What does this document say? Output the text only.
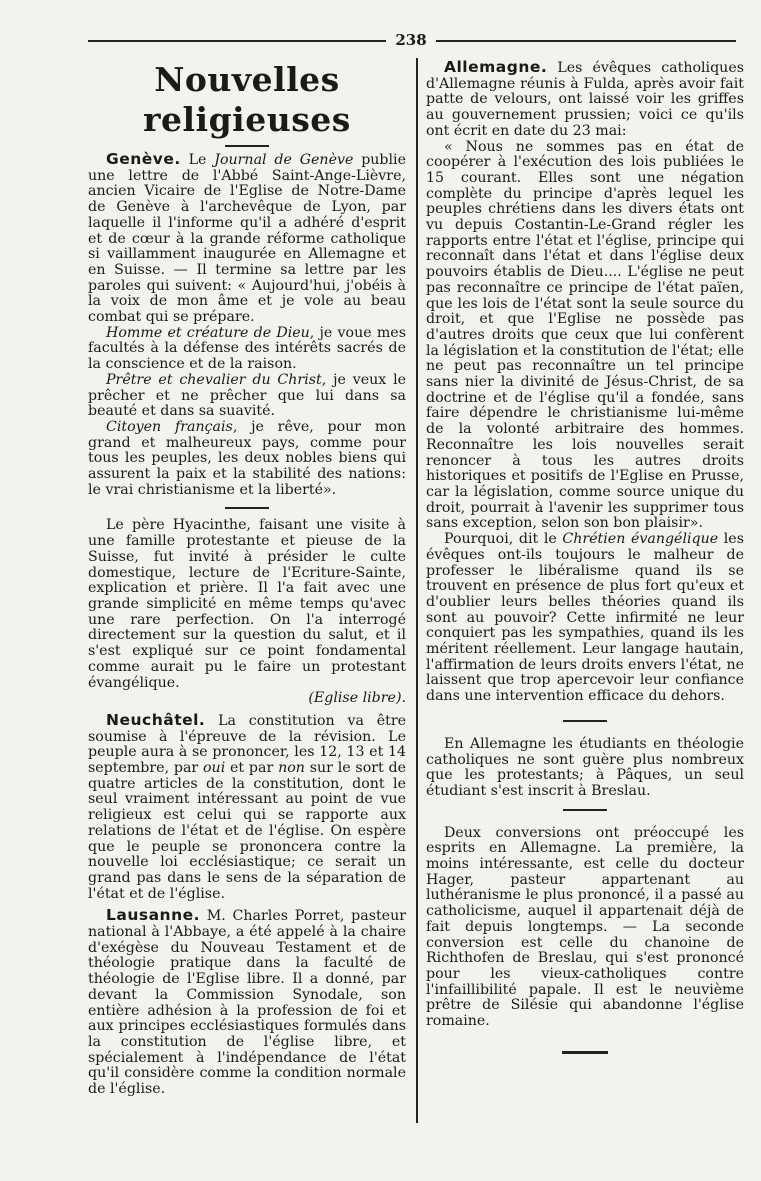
238
Nouvelles religieuses

Genève. Le Journal de Genève publie une lettre de l'Abbé Saint-Ange-Lièvre, ancien Vicaire de l'Eglise de Notre-Dame de Genève à l'archevêque de Lyon, par laquelle il l'informe qu'il a adhéré d'esprit et de cœur à la grande réforme catholique si vaillamment inaugurée en Allemagne et en Suisse. — Il termine sa lettre par les paroles qui suivent: « Aujourd'hui, j'obéis à la voix de mon âme et je vole au beau combat qui se prépare.

Homme et créature de Dieu, je voue mes facultés à la défense des intérêts sacrés de la conscience et de la raison.

Prêtre et chevalier du Christ, je veux le prêcher et ne prêcher que lui dans sa beauté et dans sa suavité.

Citoyen français, je rêve, pour mon grand et malheureux pays, comme pour tous les peuples, les deux nobles biens qui assurent la paix et la stabilité des nations: le vrai christianisme et la liberté».

Le père Hyacinthe, faisant une visite à une famille protestante et pieuse de la Suisse, fut invité à présider le culte domestique, lecture de l'Ecriture-Sainte, explication et prière. Il l'a fait avec une grande simplicité en même temps qu'avec une rare perfection. On l'a interrogé directement sur la question du salut, et il s'est expliqué sur ce point fondamental comme aurait pu le faire un protestant évangélique.

(Eglise libre).

Neuchâtel. La constitution va être soumise à l'épreuve de la révision. Le peuple aura à se prononcer, les 12, 13 et 14 septembre, par oui et par non sur le sort de quatre articles de la constitution, dont le seul vraiment intéressant au point de vue religieux est celui qui se rapporte aux relations de l'état et de l'église. On espère que le peuple se prononcera contre la nouvelle loi ecclésiastique; ce serait un grand pas dans le sens de la séparation de l'état et de l'église.

Lausanne. M. Charles Porret, pasteur national à l'Abbaye, a été appelé à la chaire d'exégèse du Nouveau Testament et de théologie pratique dans la faculté de théologie de l'Eglise libre. Il a donné, par devant la Commission Synodale, son entière adhésion à la profession de foi et aux principes ecclésiastiques formulés dans la constitution de l'église libre, et spécialement à l'indépendance de l'état qu'il considère comme la condition normale de l'église.

Allemagne. Les évêques catholiques d'Allemagne réunis à Fulda, après avoir fait patte de velours, ont laissé voir les griffes au gouvernement prussien; voici ce qu'ils ont écrit en date du 23 mai:

« Nous ne sommes pas en état de coopérer à l'exécution des lois publiées le 15 courant. Elles sont une négation complète du principe d'après lequel les peuples chrétiens dans les divers états ont vu depuis Costantin-Le-Grand régler les rapports entre l'état et l'église, principe qui reconnaît dans l'état et dans l'église deux pouvoirs établis de Dieu.... L'église ne peut pas reconnaître ce principe de l'état païen, que les lois de l'état sont la seule source du droit, et que l'Eglise ne possède pas d'autres droits que ceux que lui confèrent la législation et la constitution de l'état; elle ne peut pas reconnaître un tel principe sans nier la divinité de Jésus-Christ, de sa doctrine et de l'église qu'il a fondée, sans faire dépendre le christianisme lui-même de la volonté arbitraire des hommes. Reconnaître les lois nouvelles serait renoncer à tous les autres droits historiques et positifs de l'Eglise en Prusse, car la législation, comme source unique du droit, pourrait à l'avenir les supprimer tous sans exception, selon son bon plaisir».

Pourquoi, dit le Chrétien évangélique les évêques ont-ils toujours le malheur de professer le libéralisme quand ils se trouvent en présence de plus fort qu'eux et d'oublier leurs belles théories quand ils sont au pouvoir? Cette infirmité ne leur conquiert pas les sympathies, quand ils les méritent réellement. Leur langage hautain, l'affirmation de leurs droits envers l'état, ne laissent que trop apercevoir leur confiance dans une intervention efficace du dehors.

En Allemagne les étudiants en théologie catholiques ne sont guère plus nombreux que les protestants; à Pâques, un seul étudiant s'est inscrit à Breslau.

Deux conversions ont préoccupé les esprits en Allemagne. La première, la moins intéressante, est celle du docteur Hager, pasteur appartenant au luthéranisme le plus prononcé, il a passé au catholicisme, auquel il appartenait déjà de fait depuis longtemps. — La seconde conversion est celle du chanoine de Richthofen de Breslau, qui s'est prononcé pour les vieux-catholiques contre l'infaillibilité papale. Il est le neuvième prêtre de Silésie qui abandonne l'église romaine.
